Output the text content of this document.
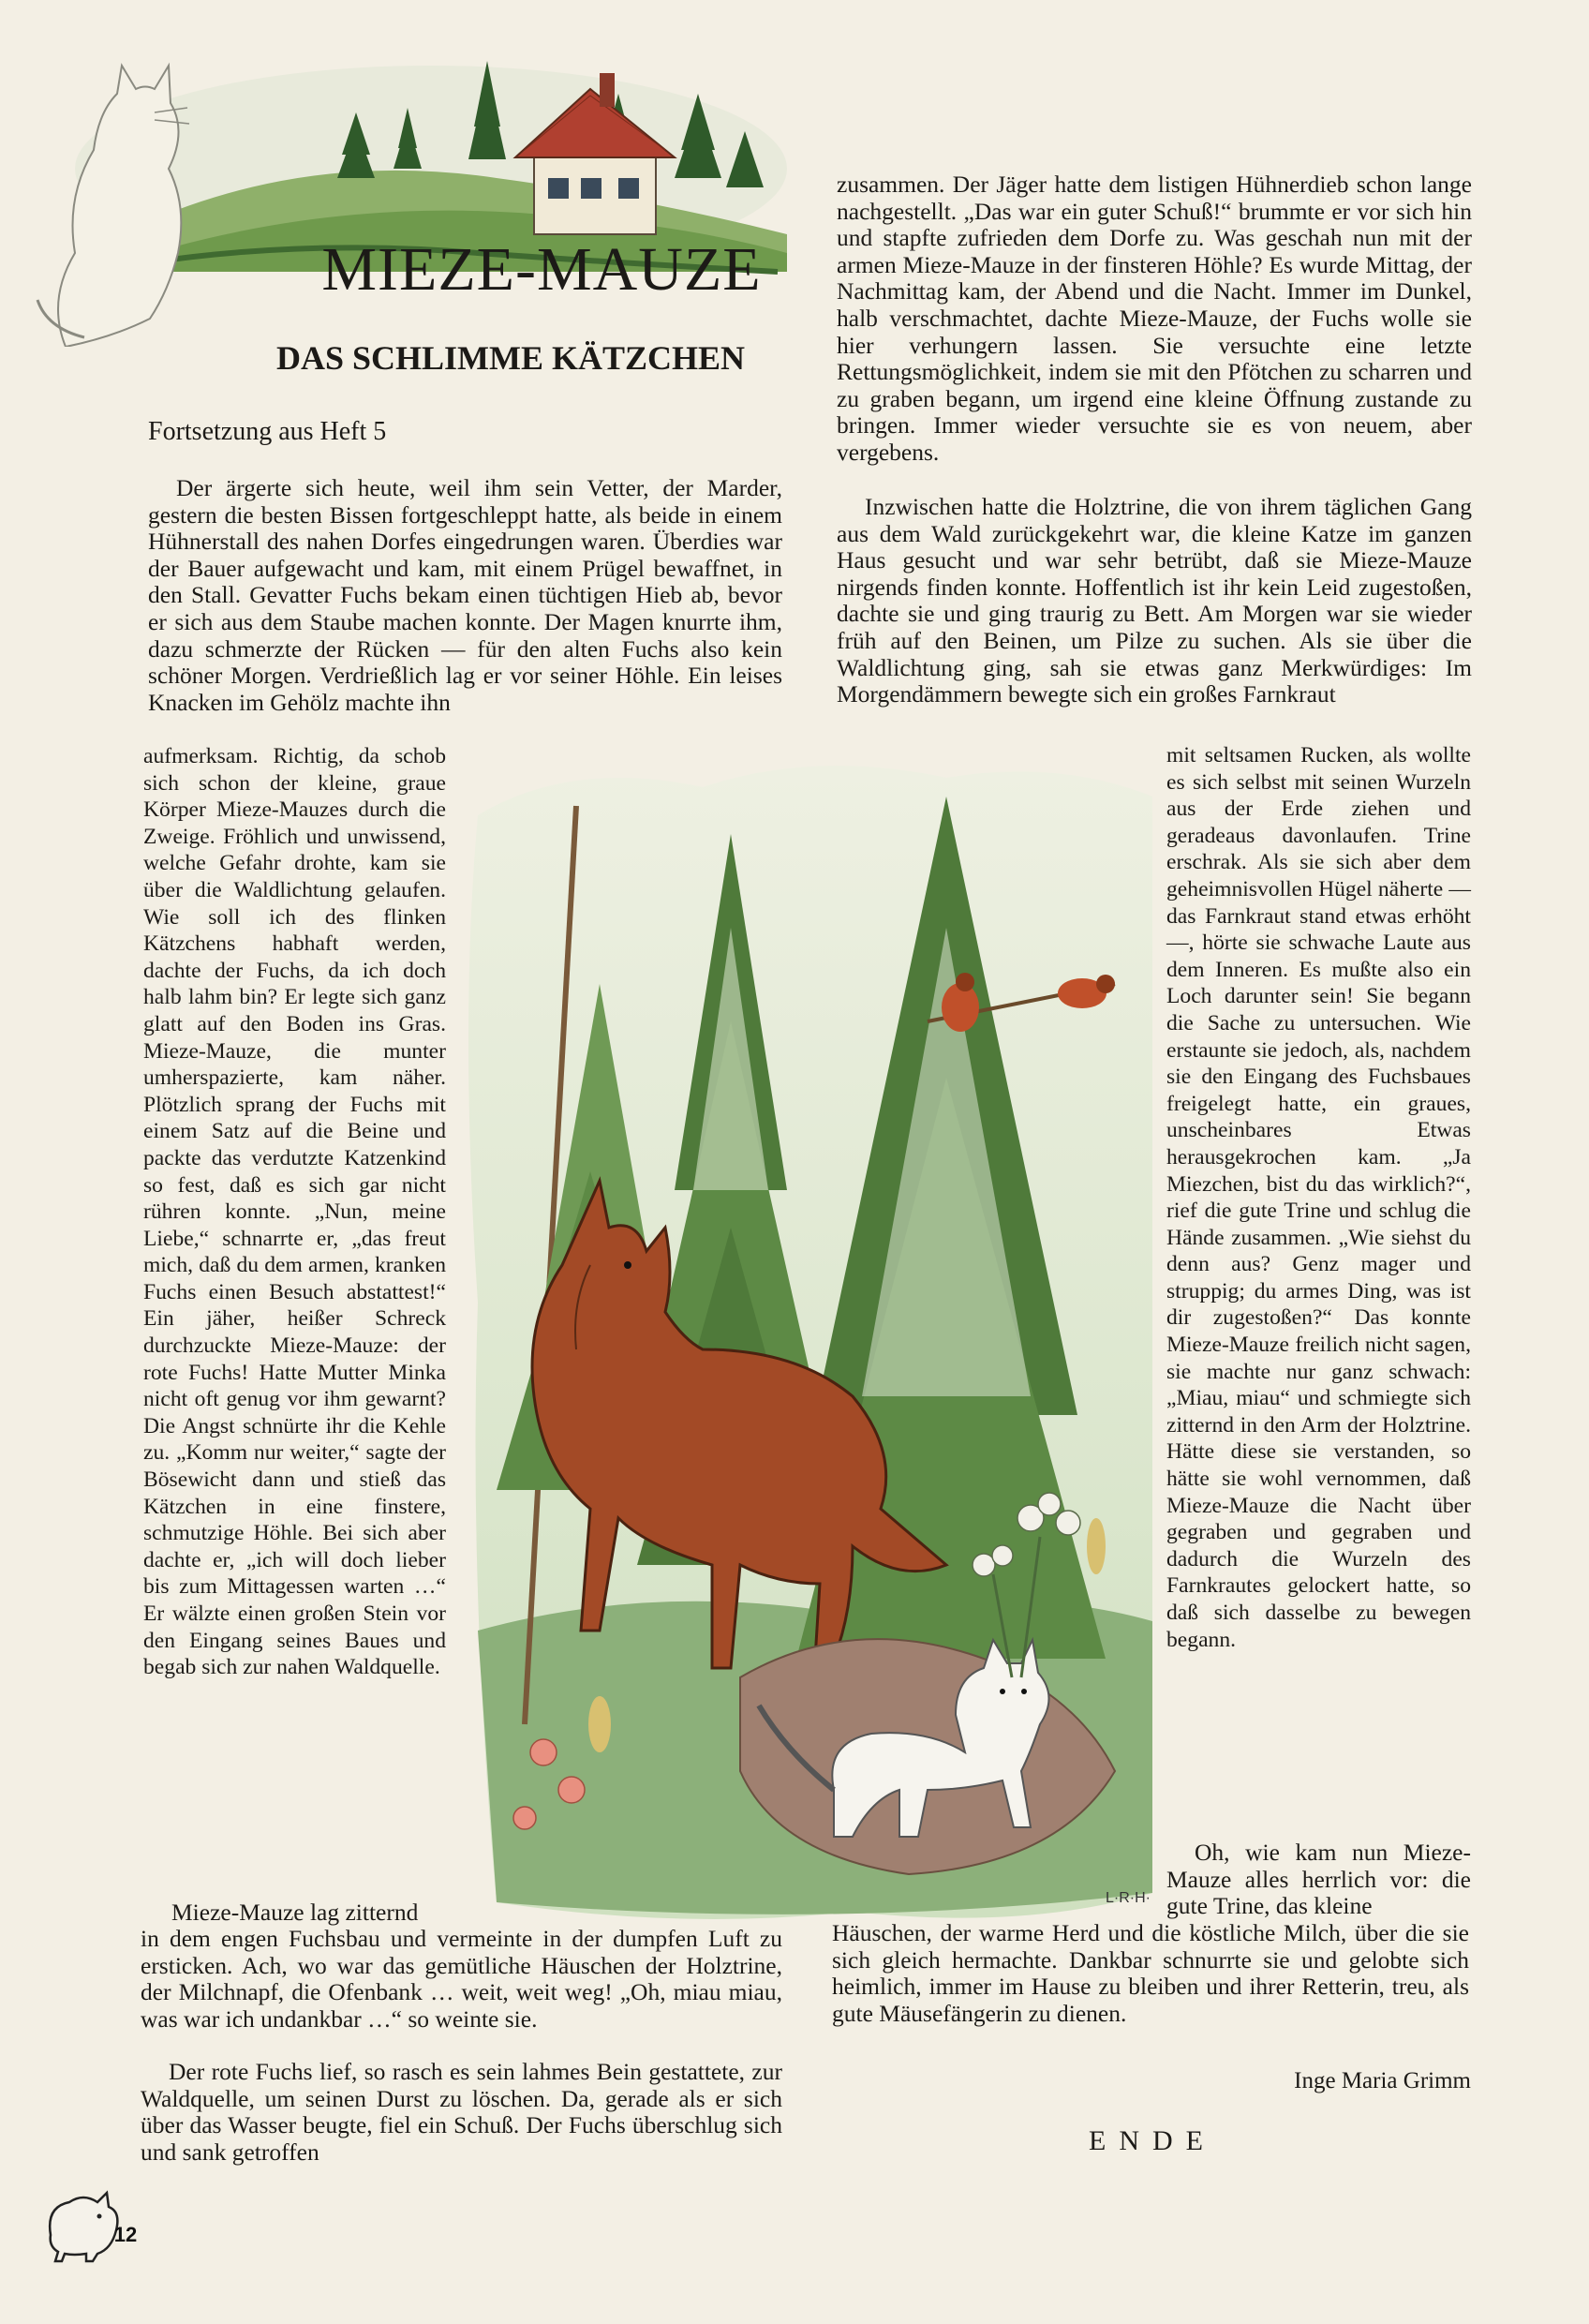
MIEZE-MAUZE
DAS SCHLIMME KÄTZCHEN

Fortsetzung aus Heft 5

Der ärgerte sich heute, weil ihm sein Vetter, der Marder, gestern die besten Bissen fortgeschleppt hatte, als beide in einem Hühnerstall des nahen Dorfes eingedrungen waren. Überdies war der Bauer aufgewacht und kam, mit einem Prügel bewaffnet, in den Stall. Gevatter Fuchs bekam einen tüchtigen Hieb ab, bevor er sich aus dem Staube machen konnte. Der Magen knurrte ihm, dazu schmerzte der Rücken — für den alten Fuchs also kein schöner Morgen. Verdrießlich lag er vor seiner Höhle. Ein leises Knacken im Gehölz machte ihn

aufmerksam. Richtig, da schob sich schon der kleine, graue Körper Mieze-Mauzes durch die Zweige. Fröhlich und unwissend, welche Gefahr drohte, kam sie über die Waldlichtung gelaufen. Wie soll ich des flinken Kätzchens habhaft werden, dachte der Fuchs, da ich doch halb lahm bin? Er legte sich ganz glatt auf den Boden ins Gras. Mieze-Mauze, die munter umherspazierte, kam näher. Plötzlich sprang der Fuchs mit einem Satz auf die Beine und packte das verdutzte Katzenkind so fest, daß es sich gar nicht rühren konnte. „Nun, meine Liebe,“ schnarrte er, „das freut mich, daß du dem armen, kranken Fuchs einen Besuch abstattest!“ Ein jäher, heißer Schreck durchzuckte Mieze-Mauze: der rote Fuchs! Hatte Mutter Minka nicht oft genug vor ihm gewarnt? Die Angst schnürte ihr die Kehle zu. „Komm nur weiter,“ sagte der Bösewicht dann und stieß das Kätzchen in eine finstere, schmutzige Höhle. Bei sich aber dachte er, „ich will doch lieber bis zum Mittagessen warten …“ Er wälzte einen großen Stein vor den Eingang seines Baues und begab sich zur nahen Waldquelle.

Mieze-Mauze lag zitternd

in dem engen Fuchsbau und vermeinte in der dumpfen Luft zu ersticken. Ach, wo war das gemütliche Häuschen der Holztrine, der Milchnapf, die Ofenbank … weit, weit weg! „Oh, miau miau, was war ich undankbar …“ so weinte sie.

Der rote Fuchs lief, so rasch es sein lahmes Bein gestattete, zur Waldquelle, um seinen Durst zu löschen. Da, gerade als er sich über das Wasser beugte, fiel ein Schuß. Der Fuchs überschlug sich und sank getroffen

zusammen. Der Jäger hatte dem listigen Hühnerdieb schon lange nachgestellt. „Das war ein guter Schuß!“ brummte er vor sich hin und stapfte zufrieden dem Dorfe zu. Was geschah nun mit der armen Mieze-Mauze in der finsteren Höhle? Es wurde Mittag, der Nachmittag kam, der Abend und die Nacht. Immer im Dunkel, halb verschmachtet, dachte Mieze-Mauze, der Fuchs wolle sie hier verhungern lassen. Sie versuchte eine letzte Rettungsmöglichkeit, indem sie mit den Pfötchen zu scharren und zu graben begann, um irgend eine kleine Öffnung zustande zu bringen. Immer wieder versuchte sie es von neuem, aber vergebens.

Inzwischen hatte die Holztrine, die von ihrem täglichen Gang aus dem Wald zurückgekehrt war, die kleine Katze im ganzen Haus gesucht und war sehr betrübt, daß sie Mieze-Mauze nirgends finden konnte. Hoffentlich ist ihr kein Leid zugestoßen, dachte sie und ging traurig zu Bett. Am Morgen war sie wieder früh auf den Beinen, um Pilze zu suchen. Als sie über die Waldlichtung ging, sah sie etwas ganz Merkwürdiges: Im Morgendämmern bewegte sich ein großes Farnkraut

mit seltsamen Rucken, als wollte es sich selbst mit seinen Wurzeln aus der Erde ziehen und geradeaus davonlaufen. Trine erschrak. Als sie sich aber dem geheimnisvollen Hügel näherte — das Farnkraut stand etwas erhöht —, hörte sie schwache Laute aus dem Inneren. Es mußte also ein Loch darunter sein! Sie begann die Sache zu untersuchen. Wie erstaunte sie jedoch, als, nachdem sie den Eingang des Fuchsbaues freigelegt hatte, ein graues, unscheinbares Etwas herausgekrochen kam. „Ja Miezchen, bist du das wirklich?“, rief die gute Trine und schlug die Hände zusammen. „Wie siehst du denn aus? Genz mager und struppig; du armes Ding, was ist dir zugestoßen?“ Das konnte Mieze-Mauze freilich nicht sagen, sie machte nur ganz schwach: „Miau, miau“ und schmiegte sich zitternd in den Arm der Holztrine. Hätte diese sie verstanden, so hätte sie wohl vernommen, daß Mieze-Mauze die Nacht über gegraben und gegraben und dadurch die Wurzeln des Farnkrautes gelockert hatte, so daß sich dasselbe zu bewegen begann.

Oh, wie kam nun Mieze-Mauze alles herrlich vor: die gute Trine, das kleine

Häuschen, der warme Herd und die köstliche Milch, über die sie sich gleich hermachte. Dankbar schnurrte sie und gelobte sich heimlich, immer im Hause zu bleiben und ihrer Retterin, treu, als gute Mäusefängerin zu dienen.

Inge Maria Grimm

ENDE

L·R·H·
12
